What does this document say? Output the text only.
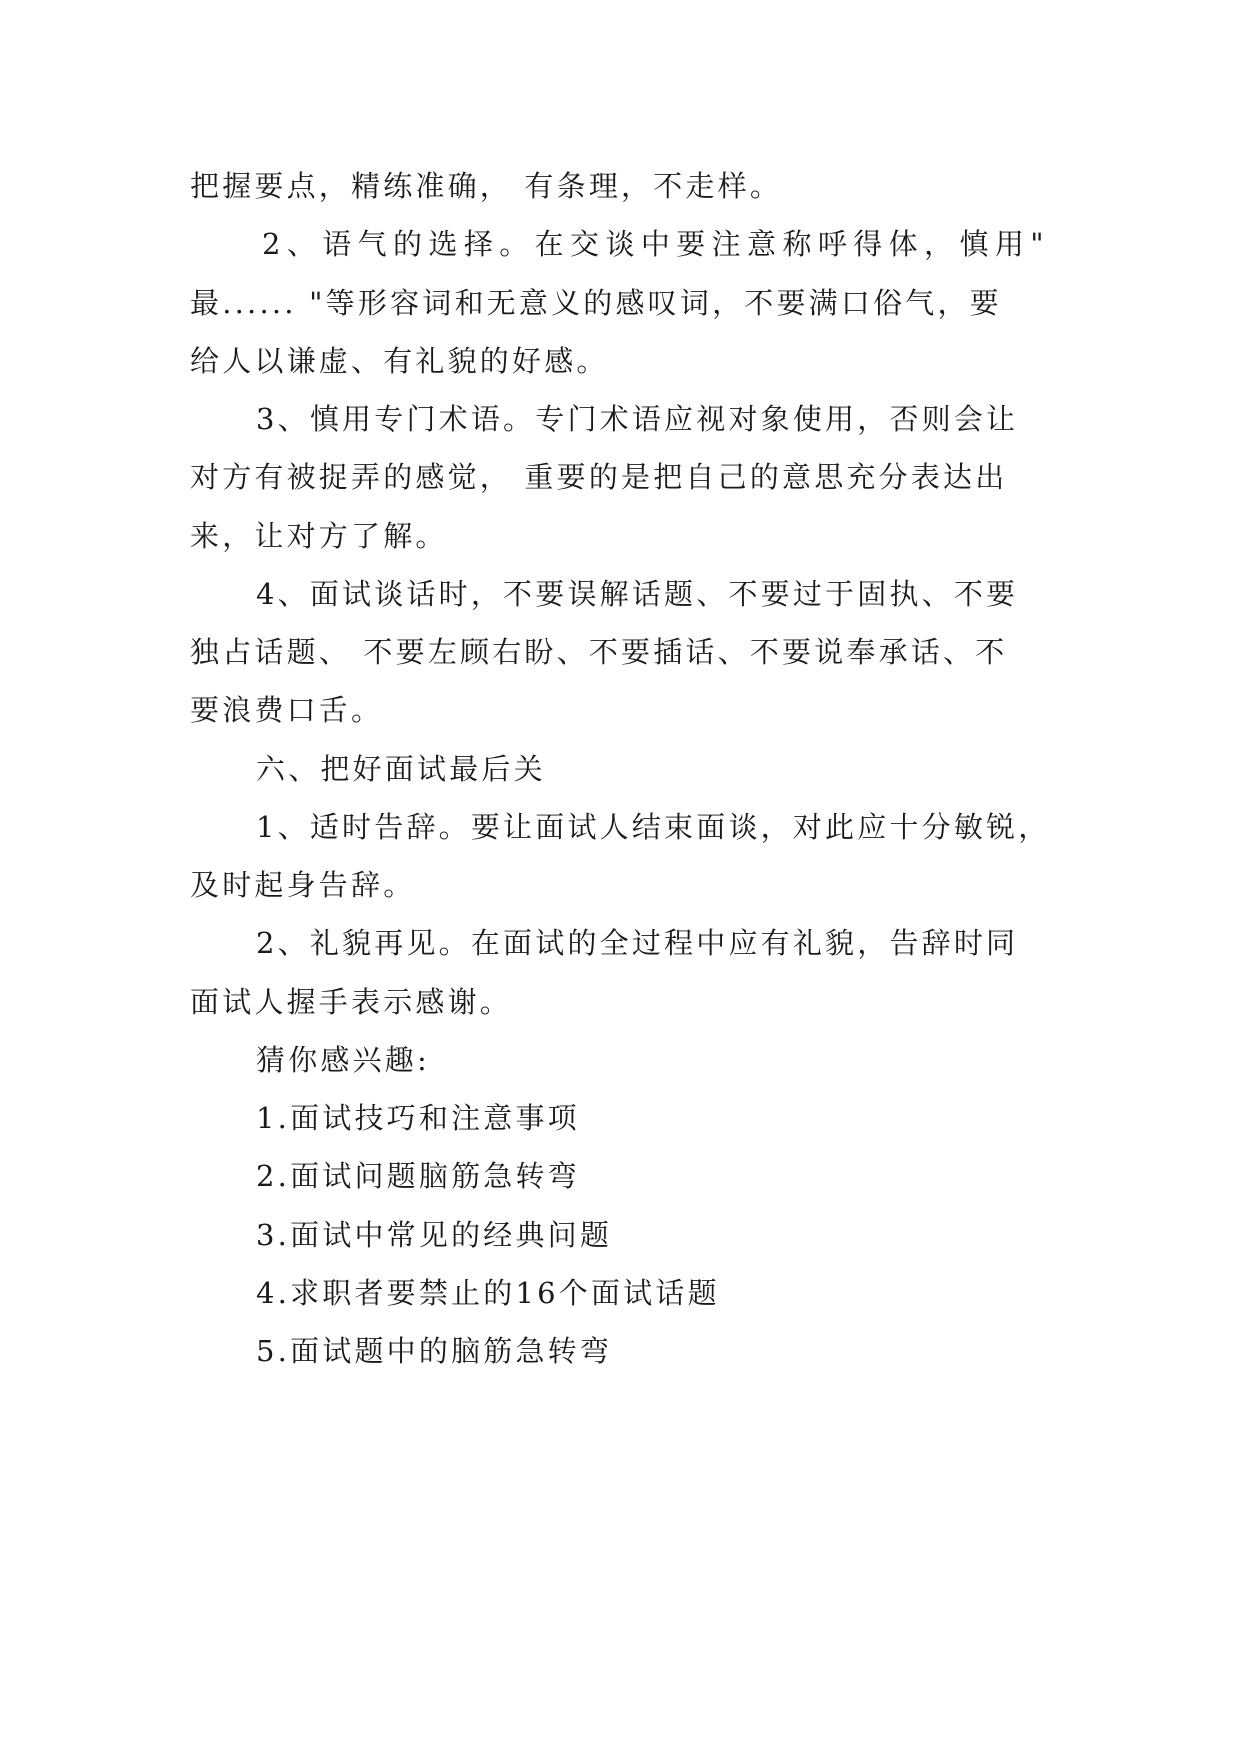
把握要点，精练准确， 有条理，不走样。
2、语气的选择。在交谈中要注意称呼得体，慎用"
最...... "等形容词和无意义的感叹词，不要满口俗气，要
给人以谦虚、有礼貌的好感。
3、慎用专门术语。专门术语应视对象使用，否则会让
对方有被捉弄的感觉， 重要的是把自己的意思充分表达出
来，让对方了解。
4、面试谈话时，不要误解话题、不要过于固执、不要
独占话题、 不要左顾右盼、不要插话、不要说奉承话、不
要浪费口舌。
六、把好面试最后关
1、适时告辞。要让面试人结束面谈，对此应十分敏锐，
及时起身告辞。
2、礼貌再见。在面试的全过程中应有礼貌，告辞时同
面试人握手表示感谢。
猜你感兴趣:
1.面试技巧和注意事项
2.面试问题脑筋急转弯
3.面试中常见的经典问题
4.求职者要禁止的16个面试话题
5.面试题中的脑筋急转弯
